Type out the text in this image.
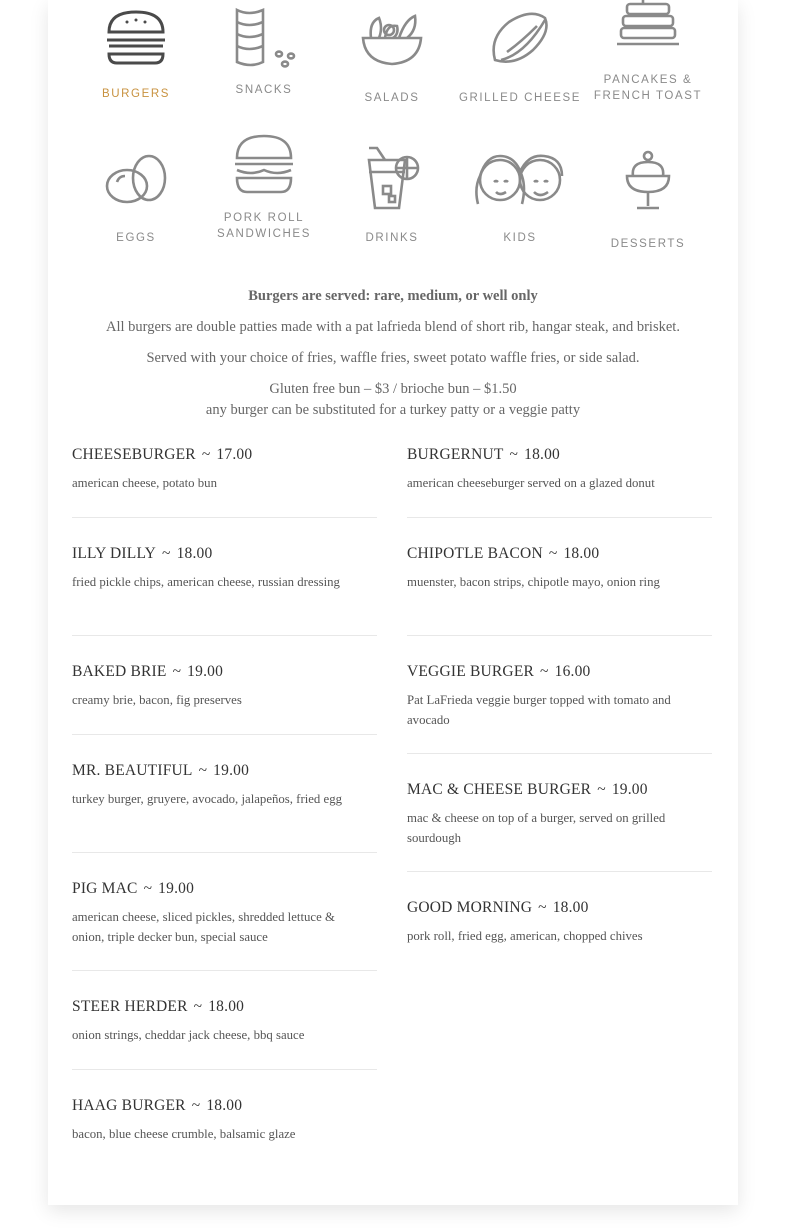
BURGERS	SNACKS
SALADS	GRILLED CHEESE
PANCAKES & FRENCH TOAST
EGGS
PORK ROLL SANDWICHES	DRINKS	KIDS	DESSERTS
Burgers are served: rare, medium, or well only
All burgers are double patties made with a pat lafrieda blend of short rib, hangar steak, and brisket.
Served with your choice of fries, waffle fries, sweet potato waffle fries, or side salad.
Gluten free bun – $3 / brioche bun – $1.50
any burger can be substituted for a turkey patty or a veggie patty
CHEESEBURGER ~ 17.00
american cheese, potato bun
ILLY DILLY ~ 18.00
fried pickle chips, american cheese, russian dressing
BAKED BRIE ~ 19.00
creamy brie, bacon, fig preserves
MR. BEAUTIFUL ~ 19.00
turkey burger, gruyere, avocado, jalapeños, fried egg
PIG MAC ~ 19.00
american cheese, sliced pickles, shredded lettuce & onion, triple decker bun, special sauce
STEER HERDER ~ 18.00
onion strings, cheddar jack cheese, bbq sauce
HAAG BURGER ~ 18.00
bacon, blue cheese crumble, balsamic glaze
BURGERNUT ~ 18.00
american cheeseburger served on a glazed donut
CHIPOTLE BACON ~ 18.00
muenster, bacon strips, chipotle mayo, onion ring
VEGGIE BURGER ~ 16.00
Pat LaFrieda veggie burger topped with tomato and avocado
MAC & CHEESE BURGER ~ 19.00
mac & cheese on top of a burger, served on grilled sourdough
GOOD MORNING ~ 18.00
pork roll, fried egg, american, chopped chives
